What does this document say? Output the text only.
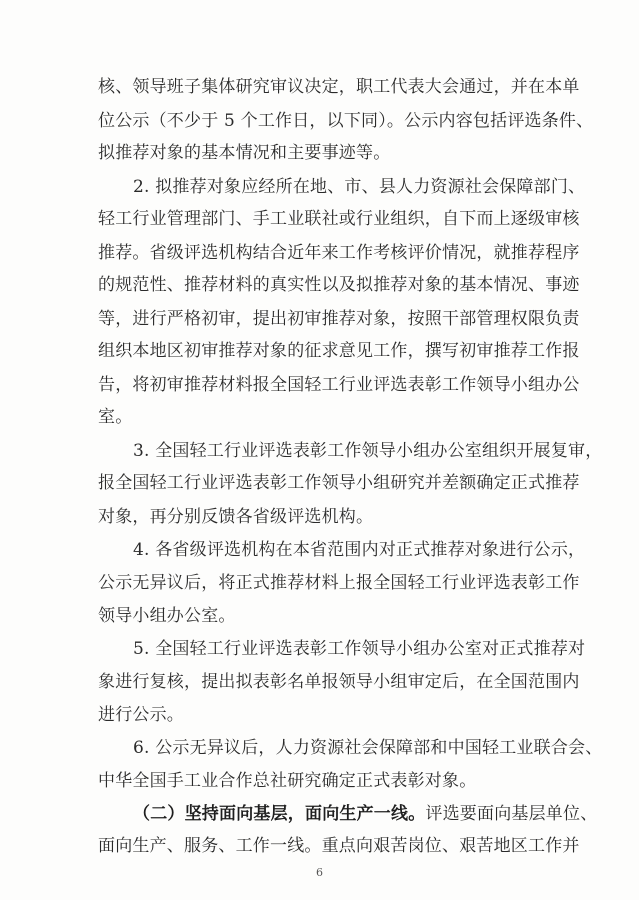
核、领导班子集体研究审议决定，职工代表大会通过，并在本单
位公示（不少于 5 个工作日，以下同）。公示内容包括评选条件、
拟推荐对象的基本情况和主要事迹等。
2. 拟推荐对象应经所在地、市、县人力资源社会保障部门、
轻工行业管理部门、手工业联社或行业组织，自下而上逐级审核
推荐。省级评选机构结合近年来工作考核评价情况，就推荐程序
的规范性、推荐材料的真实性以及拟推荐对象的基本情况、事迹
等，进行严格初审，提出初审推荐对象，按照干部管理权限负责
组织本地区初审推荐对象的征求意见工作，撰写初审推荐工作报
告，将初审推荐材料报全国轻工行业评选表彰工作领导小组办公
室。
3. 全国轻工行业评选表彰工作领导小组办公室组织开展复审，
报全国轻工行业评选表彰工作领导小组研究并差额确定正式推荐
对象，再分别反馈各省级评选机构。
4. 各省级评选机构在本省范围内对正式推荐对象进行公示，
公示无异议后，将正式推荐材料上报全国轻工行业评选表彰工作
领导小组办公室。
5. 全国轻工行业评选表彰工作领导小组办公室对正式推荐对
象进行复核，提出拟表彰名单报领导小组审定后，在全国范围内
进行公示。
6. 公示无异议后，人力资源社会保障部和中国轻工业联合会、
中华全国手工业合作总社研究确定正式表彰对象。
（二）坚持面向基层，面向生产一线。评选要面向基层单位、
面向生产、服务、工作一线。重点向艰苦岗位、艰苦地区工作并
6
